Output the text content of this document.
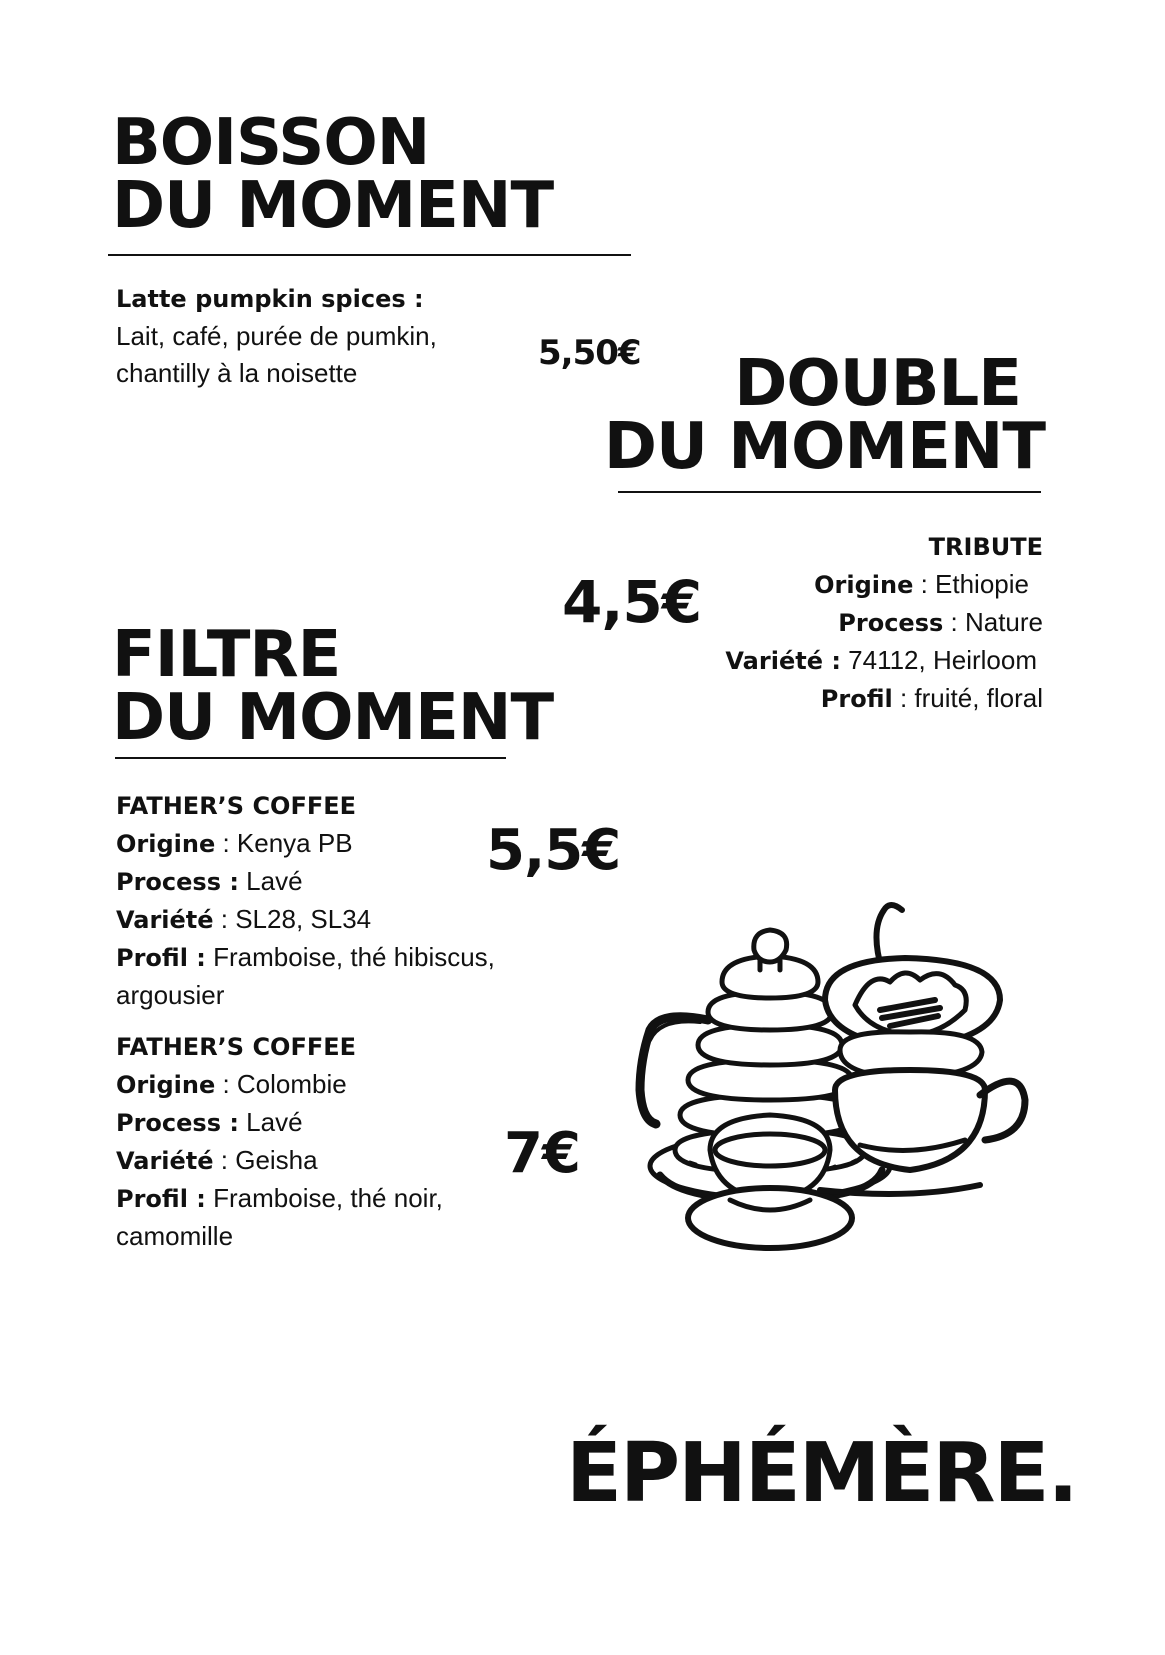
BOISSON
DU MOMENT
Latte pumpkin spices :
Lait, café, purée de pumkin,
chantilly à la noisette	5,50€	DOUBLE
DU MOMENT
4,5€
TRIBUTE
Origine : Ethiopie
Process : Nature
Variété : 74112, Heirloom
Profil : fruité, floral
FILTRE
DU MOMENT
FATHER’S COFFEE
Origine : Kenya PB
Process : Lavé
Variété : SL28, SL34
Profil : Framboise, thé hibiscus,
argousier
5,5€
FATHER’S COFFEE
Origine : Colombie
Process : Lavé
Variété : Geisha
Profil : Framboise, thé noir,
camomille
7€
ÉPHÉMÈRE.
